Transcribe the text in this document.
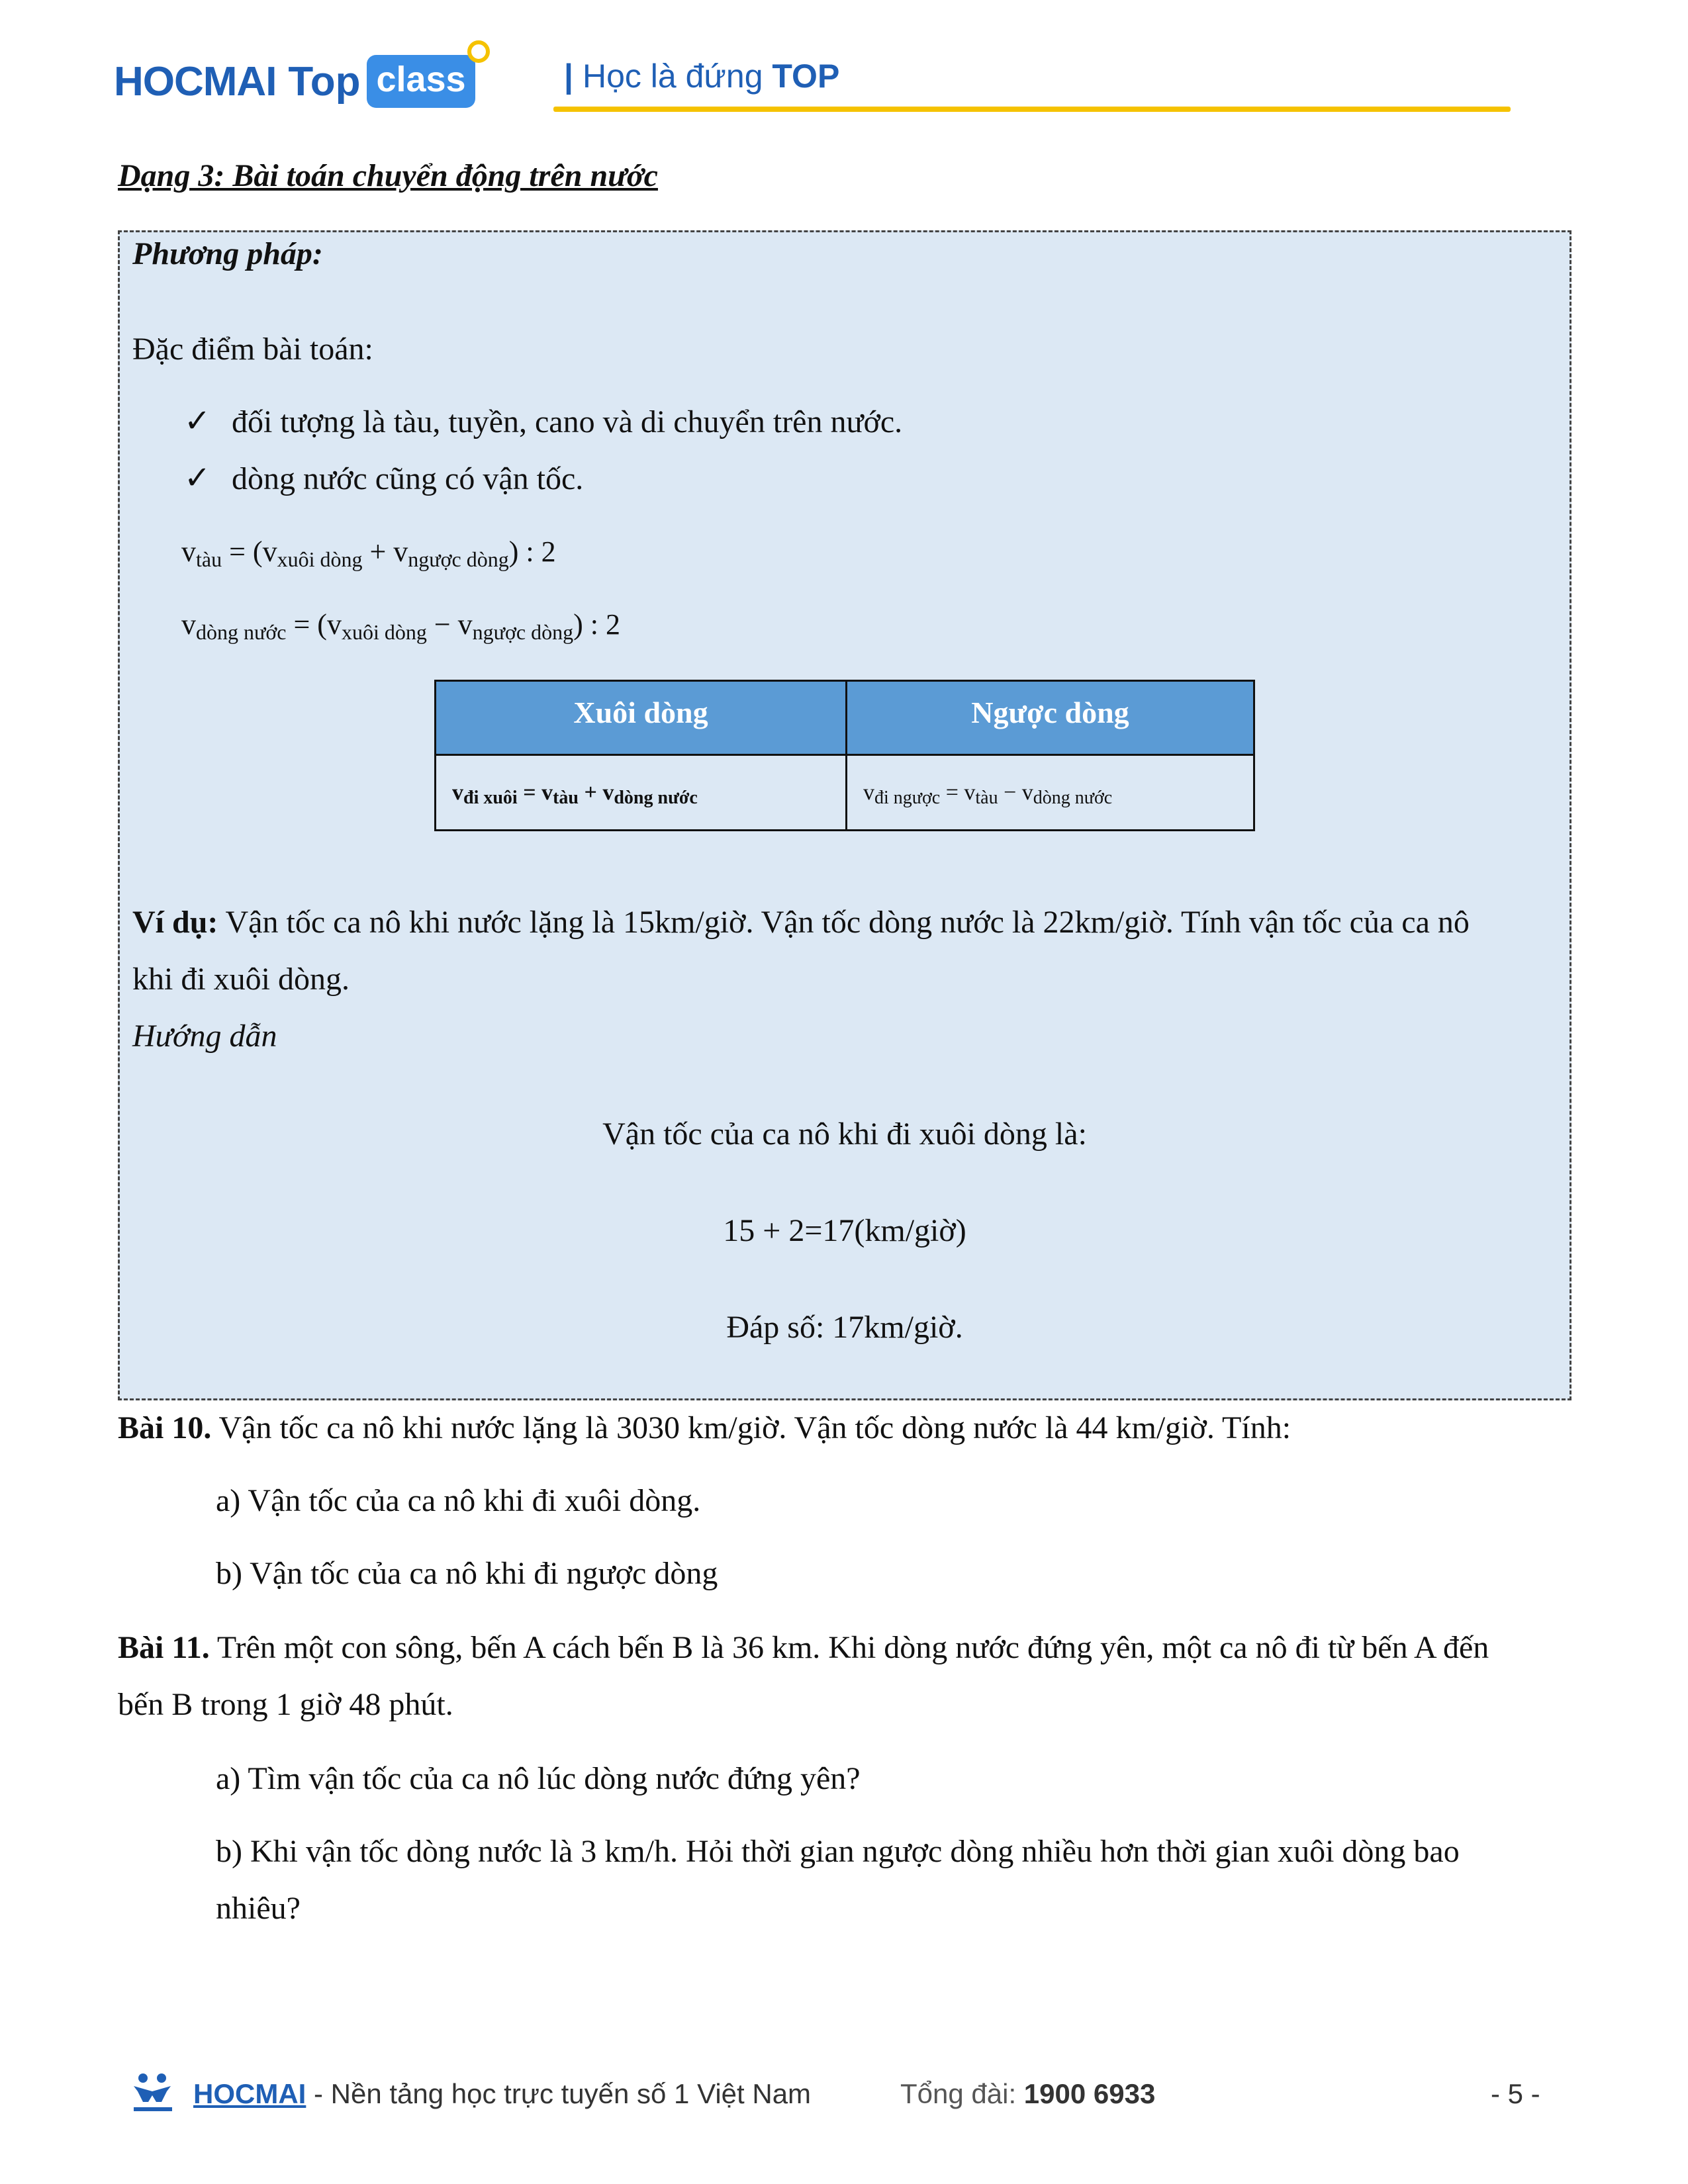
HOCMAI Top class	| Học là đứng TOP
Dạng 3: Bài toán chuyển động trên nước
Phương pháp:
Đặc điểm bài toán:
✓ đối tượng là tàu, tuyền, cano và di chuyển trên nước.
✓ dòng nước cũng có vận tốc.
$v_{tàu} = (v_{xuôi dòng} + v_{ngược dòng})$ : 2
$v_{dòng nước} = (v_{xuôi dòng} - v_{ngược dòng})$ : 2
Xuôi dòng	Ngược dòng
$v_{đi xuôi} = v_{tàu} + v_{dòng nước}$	$v_{đi ngược} = v_{tàu} - v_{dòng nước}$
Ví dụ: Vận tốc ca nô khi nước lặng là 15km/giờ. Vận tốc dòng nước là 22km/giờ. Tính vận tốc của ca nô
khi đi xuôi dòng.
Hướng dẫn
Vận tốc của ca nô khi đi xuôi dòng là:
15 + 2=17(km/giờ)
Đáp số: 17km/giờ.
Bài 10. Vận tốc ca nô khi nước lặng là 3030 km/giờ. Vận tốc dòng nước là 44 km/giờ. Tính:
a) Vận tốc của ca nô khi đi xuôi dòng.
b) Vận tốc của ca nô khi đi ngược dòng
Bài 11. Trên một con sông, bến A cách bến B là 36 km. Khi dòng nước đứng yên, một ca nô đi từ bến A đến
bến B trong 1 giờ 48 phút.
a) Tìm vận tốc của ca nô lúc dòng nước đứng yên?
b) Khi vận tốc dòng nước là 3 km/h. Hỏi thời gian ngược dòng nhiều hơn thời gian xuôi dòng bao
nhiêu?
HOCMAI - Nền tảng học trực tuyến số 1 Việt Nam	Tổng đài: 1900 6933	- 5 -
